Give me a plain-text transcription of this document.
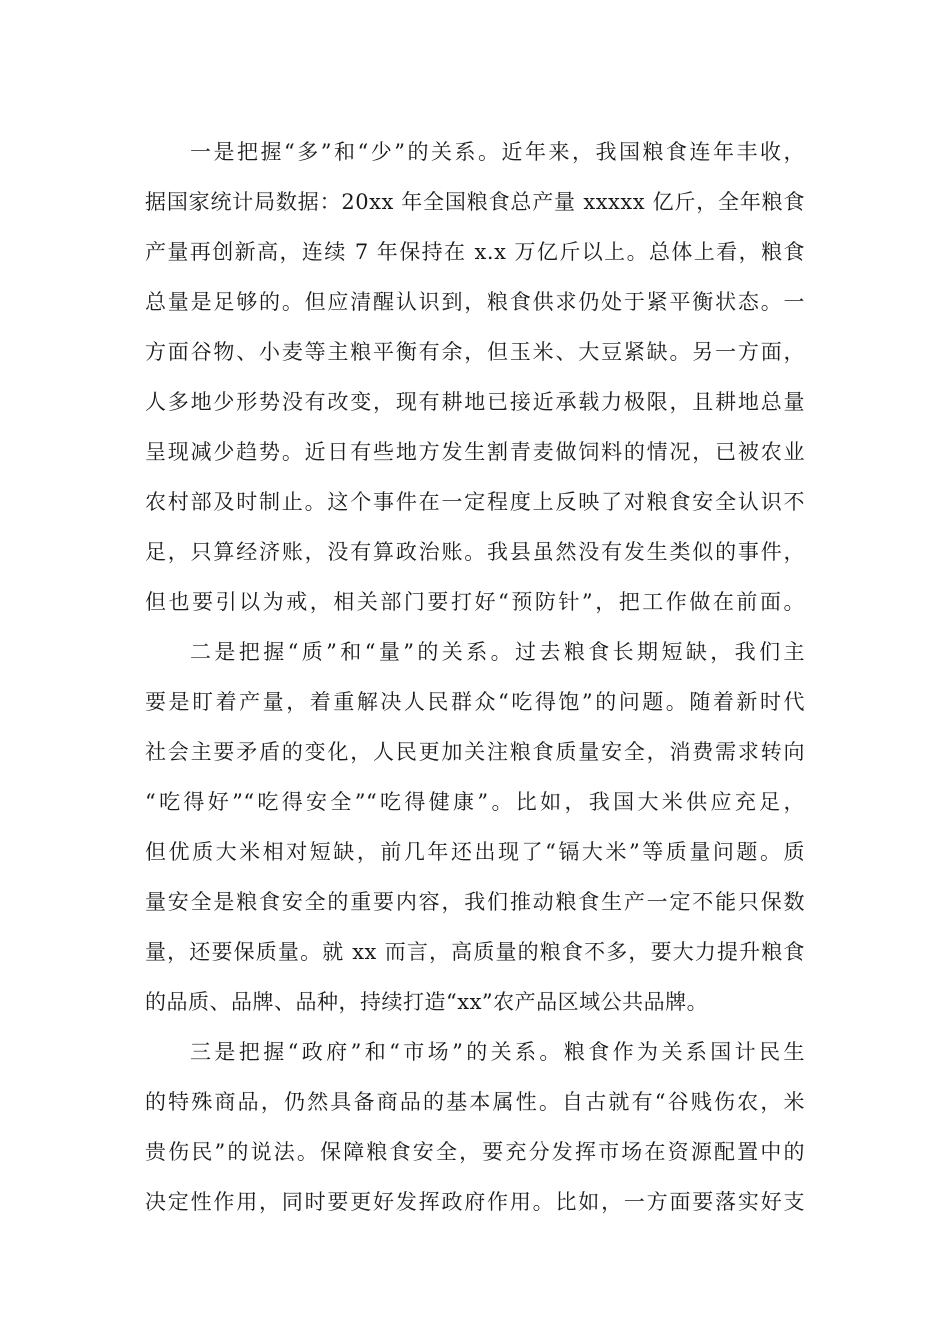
一是把握“多”和“少”的关系。近年来，我国粮食连年丰收，
据国家统计局数据：20xx 年全国粮食总产量 xxxxx 亿斤，全年粮食
产量再创新高，连续 7 年保持在 x.x 万亿斤以上。总体上看，粮食
总量是足够的。但应清醒认识到，粮食供求仍处于紧平衡状态。一
方面谷物、小麦等主粮平衡有余，但玉米、大豆紧缺。另一方面，
人多地少形势没有改变，现有耕地已接近承载力极限，且耕地总量
呈现减少趋势。近日有些地方发生割青麦做饲料的情况，已被农业
农村部及时制止。这个事件在一定程度上反映了对粮食安全认识不
足，只算经济账，没有算政治账。我县虽然没有发生类似的事件，
但也要引以为戒，相关部门要打好“预防针”，把工作做在前面。
二是把握“质”和“量”的关系。过去粮食长期短缺，我们主
要是盯着产量，着重解决人民群众“吃得饱”的问题。随着新时代
社会主要矛盾的变化，人民更加关注粮食质量安全，消费需求转向
“吃得好”“吃得安全”“吃得健康”。比如，我国大米供应充足，
但优质大米相对短缺，前几年还出现了“镉大米”等质量问题。质
量安全是粮食安全的重要内容，我们推动粮食生产一定不能只保数
量，还要保质量。就 xx 而言，高质量的粮食不多，要大力提升粮食
的品质、品牌、品种，持续打造“xx”农产品区域公共品牌。
三是把握“政府”和“市场”的关系。粮食作为关系国计民生
的特殊商品，仍然具备商品的基本属性。自古就有“谷贱伤农，米
贵伤民”的说法。保障粮食安全，要充分发挥市场在资源配置中的
决定性作用，同时要更好发挥政府作用。比如，一方面要落实好支
